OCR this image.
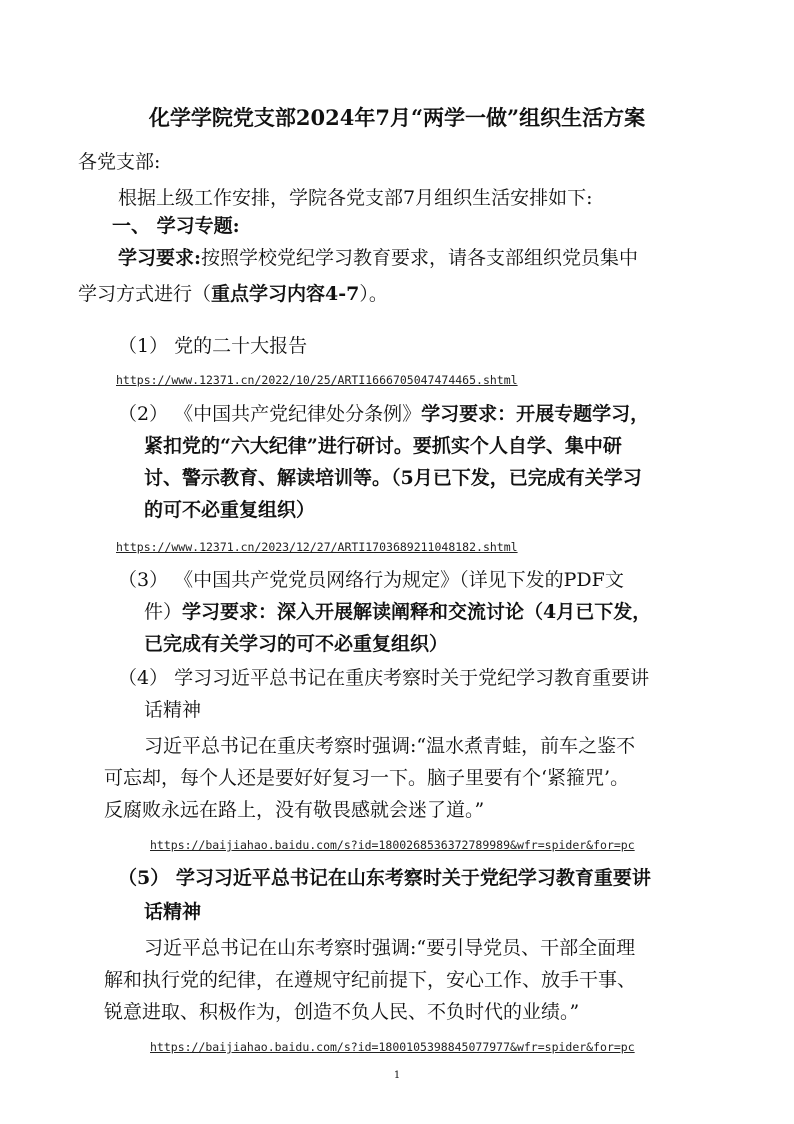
化学学院党支部2024年7月“两学一做”组织生活方案
各党支部:
根据上级工作安排，学院各党支部7月组织生活安排如下:
一、 学习专题:
学习要求:按照学校党纪学习教育要求，请各支部组织党员集中
学习方式进行（重点学习内容4-7）。
（1） 党的二十大报告
https://www.12371.cn/2022/10/25/ARTI1666705047474465.shtml
（2） 《中国共产党纪律处分条例》学习要求：开展专题学习，
紧扣党的“六大纪律”进行研讨。要抓实个人自学、集中研
讨、警示教育、解读培训等。（5月已下发，已完成有关学习
的可不必重复组织）
https://www.12371.cn/2023/12/27/ARTI1703689211048182.shtml
（3） 《中国共产党党员网络行为规定》（详见下发的PDF文
件）学习要求：深入开展解读阐释和交流讨论（4月已下发，
已完成有关学习的可不必重复组织）
（4） 学习习近平总书记在重庆考察时关于党纪学习教育重要讲
话精神
习近平总书记在重庆考察时强调:“温水煮青蛙，前车之鉴不
可忘却，每个人还是要好好复习一下。脑子里要有个‘紧箍咒’。
反腐败永远在路上，没有敬畏感就会迷了道。”
https://baijiahao.baidu.com/s?id=1800268536372789989&wfr=spider&for=pc
（5） 学习习近平总书记在山东考察时关于党纪学习教育重要讲
话精神
习近平总书记在山东考察时强调:“要引导党员、干部全面理
解和执行党的纪律，在遵规守纪前提下，安心工作、放手干事、
锐意进取、积极作为，创造不负人民、不负时代的业绩。”
https://baijiahao.baidu.com/s?id=1800105398845077977&wfr=spider&for=pc
1
